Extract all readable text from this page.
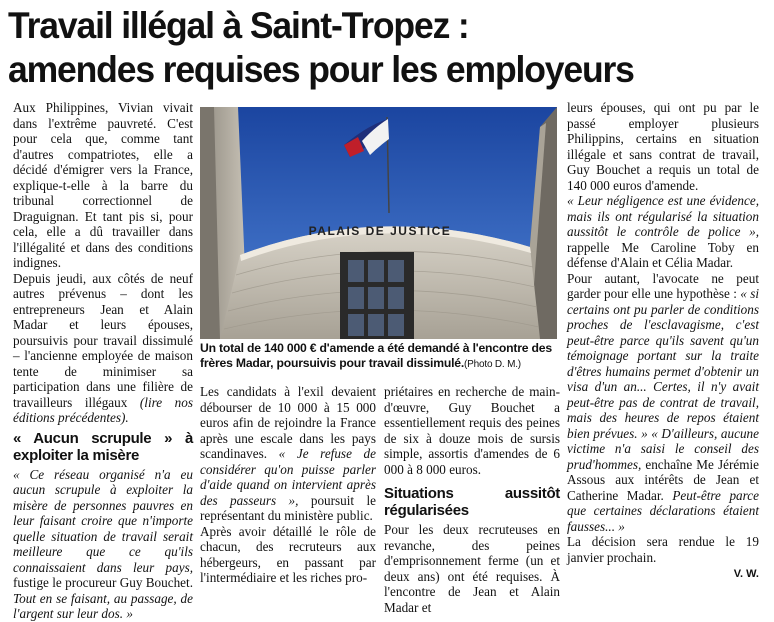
Travail illégal à Saint-Tropez :
amendes requises pour les employeurs

Aux Philippines, Vivian vivait dans l'extrême pauvreté. C'est pour cela que, comme tant d'autres compatriotes, elle a décidé d'émigrer vers la France, explique-t-elle à la barre du tribunal correctionnel de Draguignan. Et tant pis si, pour cela, elle a dû travailler dans l'illégalité et dans des conditions indignes.

Depuis jeudi, aux côtés de neuf autres prévenus – dont les entrepreneurs Jean et Alain Madar et leurs épouses, poursuivis pour travail dissimulé – l'ancienne employée de maison tente de minimiser sa participation dans une filière de travailleurs illégaux (lire nos éditions précédentes).

« Aucun scrupule » à exploiter la misère

« Ce réseau organisé n'a eu aucun scrupule à exploiter la misère de personnes pauvres en leur faisant croire que n'importe quelle situation de travail serait meilleure que ce qu'ils connaissaient dans leur pays, fustige le procureur Guy Bouchet. Tout en se faisant, au passage, de l'argent sur leur dos. »

PALAIS DE JUSTICE
Un total de 140 000 € d'amende a été demandé à l'encontre des frères Madar, poursuivis pour travail dissimulé.(Photo D. M.)

Les candidats à l'exil devaient débourser de 10 000 à 15 000 euros afin de rejoindre la France après une escale dans les pays scandinaves. « Je refuse de considérer qu'on puisse parler d'aide quand on intervient après des passeurs », poursuit le représentant du ministère public.

Après avoir détaillé le rôle de chacun, des recruteurs aux hébergeurs, en passant par l'intermédiaire et les riches pro-

priétaires en recherche de main-d'œuvre, Guy Bouchet a essentiellement requis des peines de six à douze mois de sursis simple, assortis d'amendes de 6 000 à 8 000 euros.

Situations aussitôt régularisées

Pour les deux recruteuses en revanche, des peines d'emprisonnement ferme (un et deux ans) ont été requises. À l'encontre de Jean et Alain Madar et

leurs épouses, qui ont pu par le passé employer plusieurs Philippins, certains en situation illégale et sans contrat de travail, Guy Bouchet a requis un total de 140 000 euros d'amende.

« Leur négligence est une évidence, mais ils ont régularisé la situation aussitôt le contrôle de police », rappelle Me Caroline Toby en défense d'Alain et Célia Madar.

Pour autant, l'avocate ne peut garder pour elle une hypothèse : « si certains ont pu parler de conditions proches de l'esclavagisme, c'est peut-être parce qu'ils savent qu'un témoignage portant sur la traite d'êtres humains permet d'obtenir un visa d'un an... Certes, il n'y avait peut-être pas de contrat de travail, mais des heures de repos étaient bien prévues. » « D'ailleurs, aucune victime n'a saisi le conseil des prud'hommes, enchaîne Me Jérémie Assous aux intérêts de Jean et Catherine Madar. Peut-être parce que certaines déclarations étaient fausses... »

La décision sera rendue le 19 janvier prochain.

V. W.
